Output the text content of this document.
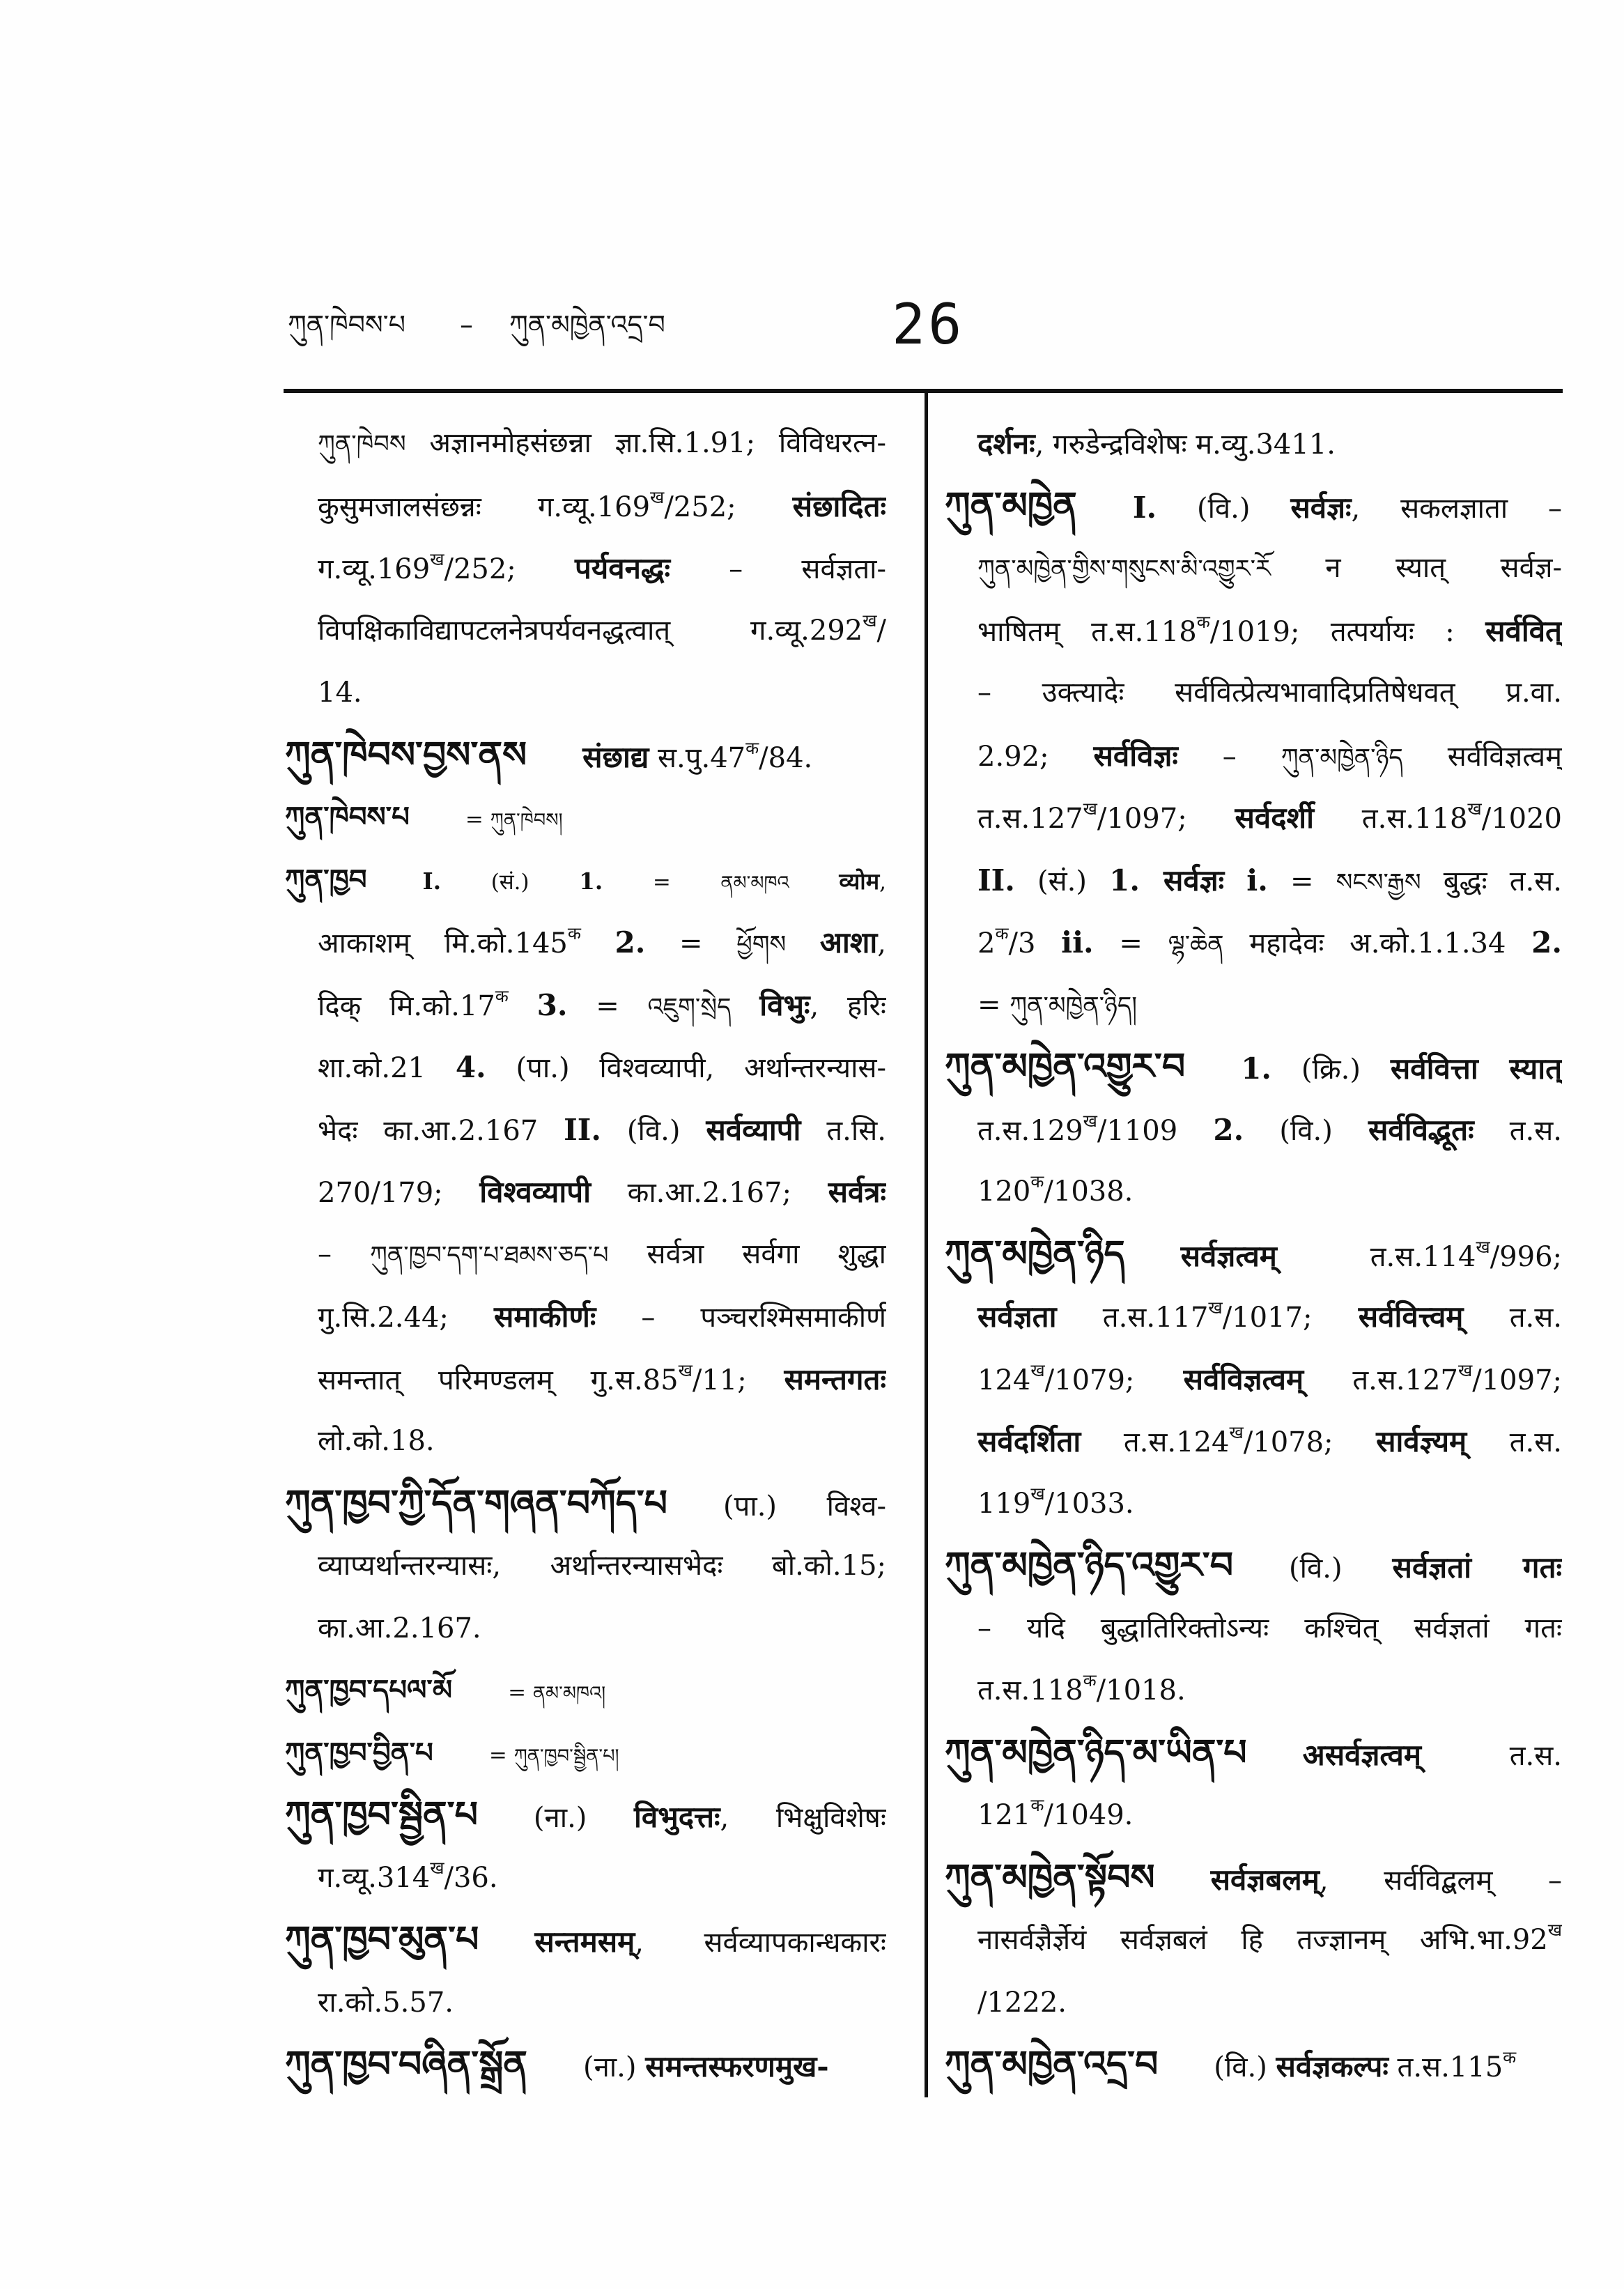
ཀུན་ཁེབས་པ – ཀུན་མཁྱེན་འདྲ་བ	26
ཀུན་ཁེབས अज्ञानमोहसंछन्ना ज्ञा.सि.1.91; विविधरत्न-
कुसुमजालसंछन्नः $ग.व्यू.169^ख/252$; संछादितः
$ग.व्यू.169^ख/252$; पर्यवनद्धः – सर्वज्ञता-
विपक्षिकाविद्यापटलनेत्रपर्यवनद्धत्वात् $ग.व्यू.292^ख/$
14.
ཀུན་ཁེབས་བྱས་ནས संछाद्य $स.पु.47^क/84$.
ཀུན་ཁེབས་པ	= ཀུན་ཁེབས།
ཀུན་ཁྱབ I. (सं.) 1. = ནམ་མཁའ व्योम,
आकाशम् $मि.को.145^क$ 2. = ཕྱོགས आशा,
दिक् $मि.को.17^क$ 3. = འཇུག་སྲེད विभुः, हरिः
शा.को.21 4. (पा.) विश्वव्यापी, अर्थान्तरन्यास-
भेदः का.आ.2.167 II. (वि.) सर्वव्यापी त.सि.
270/179; विश्वव्यापी का.आ.2.167; सर्वत्रः
– ཀུན་ཁྱབ་དག་པ་ཐམས་ཅད་པ सर्वत्रा सर्वगा शुद्धा
गु.सि.2.44; समाकीर्णः – पञ्चरश्मिसमाकीर्ण
समन्तात् परिमण्डलम् $गु.स.85^ख/11$; समन्तगतः
लो.को.18.
ཀུན་ཁྱབ་ཀྱི་དོན་གཞན་བཀོད་པ (पा.) विश्व-
व्याप्यर्थान्तरन्यासः, अर्थान्तरन्यासभेदः बो.को.15;
का.आ.2.167.
ཀུན་ཁྱབ་དཔལ་མོ	= ནམ་མཁའ།
ཀུན་ཁྱབ་བྱིན་པ	= ཀུན་ཁྱབ་སྦྱིན་པ།
ཀུན་ཁྱབ་སྦྱིན་པ (ना.) विभुदत्तः, भिक्षुविशेषः
$ग.व्यू.314^ख/36$.
ཀུན་ཁྱབ་མུན་པ सन्तमसम्, सर्वव्यापकान्धकारः
रा.को.5.57.
ཀུན་ཁྱབ་བཞིན་སྒྲོན (ना.) समन्तस्फरणमुख-
दर्शनः, गरुडेन्द्रविशेषः म.व्यु.3411.
ཀུན་མཁྱེན I. (वि.) सर्वज्ञः, सकलज्ञाता –
ཀུན་མཁྱེན་གྱིས་གསུངས་མི་འགྱུར་རོ न स्यात् सर्वज्ञ-
भाषितम् $त.स.118^क/1019$; तत्पर्यायः : सर्ववित्
– उक्त्यादेः सर्ववित्प्रेत्यभावादिप्रतिषेधवत् प्र.वा.
2.92; सर्वविज्ञः – ཀུན་མཁྱེན་ཉིད सर्वविज्ञत्वम्
$त.स.127^ख/1097$; सर्वदर्शी $त.स.118^ख/1020$
II. (सं.) 1. सर्वज्ञः i. = སངས་རྒྱས बुद्धः त.स.
$2^क/3$ ii. = ལྷ་ཆེན महादेवः अ.को.1.1.34 2.
= ཀུན་མཁྱེན་ཉིད།
ཀུན་མཁྱེན་འགྱུར་བ 1. (क्रि.) सर्ववित्ता स्यात्
$त.स.129^ख/1109$ 2. (वि.) सर्वविद्भूतः त.स.
$120^क/1038$.
ཀུན་མཁྱེན་ཉིད सर्वज्ञत्वम् $त.स.114^ख/996$;
सर्वज्ञता $त.स.117^ख/1017$; सर्ववित्त्वम् त.स.
$124^ख/1079$; सर्वविज्ञत्वम् $त.स.127^ख/1097$;
सर्वदर्शिता $त.स.124^ख/1078$; सार्वज्ञ्यम् त.स.
$119^ख/1033$.
ཀུན་མཁྱེན་ཉིད་འགྱུར་བ (वि.) सर्वज्ञतां गतः
– यदि बुद्धातिरिक्तोऽन्यः कश्चित् सर्वज्ञतां गतः
$त.स.118^क/1018$.
ཀུན་མཁྱེན་ཉིད་མ་ཡིན་པ असर्वज्ञत्वम् त.स.
$121^क/1049$.
ཀུན་མཁྱེན་སྟོབས सर्वज्ञबलम्, सर्वविद्बलम् –
नासर्वज्ञैर्ज्ञेयं सर्वज्ञबलं हि तज्ज्ञानम् $अभि.भा.92^ख$
/1222.
ཀུན་མཁྱེན་འདྲ་བ (वि.) सर्वज्ञकल्पः $त.स.115^क$
